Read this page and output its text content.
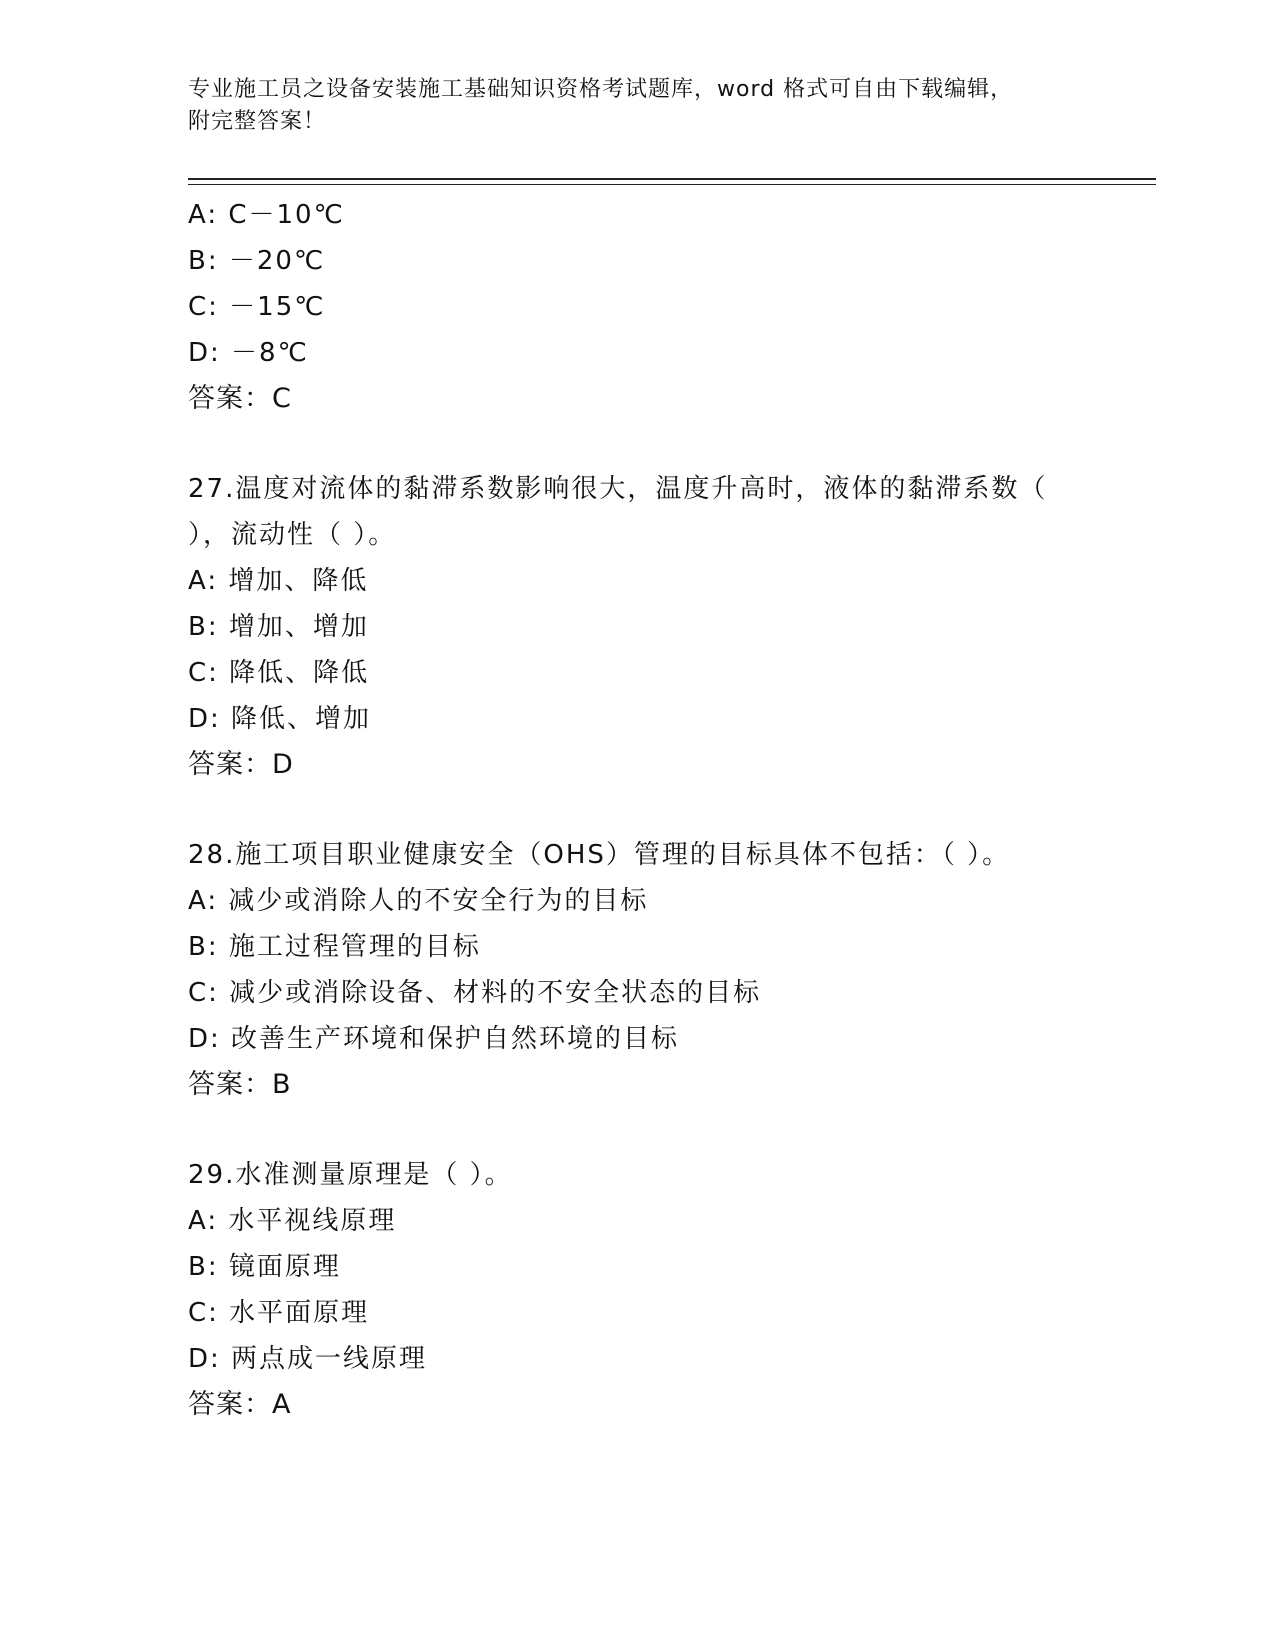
专业施工员之设备安装施工基础知识资格考试题库，word 格式可自由下载编辑，
附完整答案！
A: C－10℃
B: －20℃
C: －15℃
D: －8℃
答案：C
27.温度对流体的黏滞系数影响很大，温度升高时，液体的黏滞系数（
），流动性（ ）。
A: 增加、降低
B: 增加、增加
C: 降低、降低
D: 降低、增加
答案：D
28.施工项目职业健康安全（OHS）管理的目标具体不包括：（ ）。
A: 减少或消除人的不安全行为的目标
B: 施工过程管理的目标
C: 减少或消除设备、材料的不安全状态的目标
D: 改善生产环境和保护自然环境的目标
答案：B
29.水准测量原理是（ ）。
A: 水平视线原理
B: 镜面原理
C: 水平面原理
D: 两点成一线原理
答案：A
